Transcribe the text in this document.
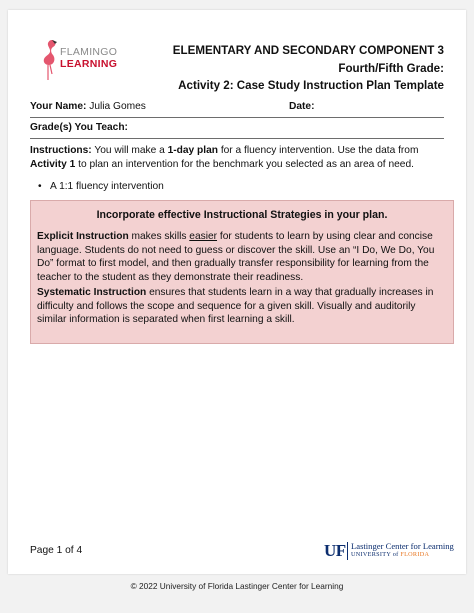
FLAMINGO
LEARNING
ELEMENTARY AND SECONDARY COMPONENT 3
Fourth/Fifth Grade:
Activity 2: Case Study Instruction Plan Template
Your Name: Julia Gomes	Date:
Grade(s) You Teach:
Instructions: You will make a 1-day plan for a fluency intervention. Use the data from Activity 1 to plan an intervention for the benchmark you selected as an area of need.
• A 1:1 fluency intervention
Incorporate effective Instructional Strategies in your plan.
Explicit Instruction makes skills easier for students to learn by using clear and concise language. Students do not need to guess or discover the skill. Use an “I Do, We Do, You Do” format to first model, and then gradually transfer responsibility for learning from the teacher to the student as they demonstrate their readiness.
Systematic Instruction ensures that students learn in a way that gradually increases in difficulty and follows the scope and sequence for a given skill. Visually and auditorily similar information is separated when first learning a skill.
Page 1 of 4	UF Lastinger Center for Learning
UNIVERSITY of FLORIDA
© 2022 University of Florida Lastinger Center for Learning
